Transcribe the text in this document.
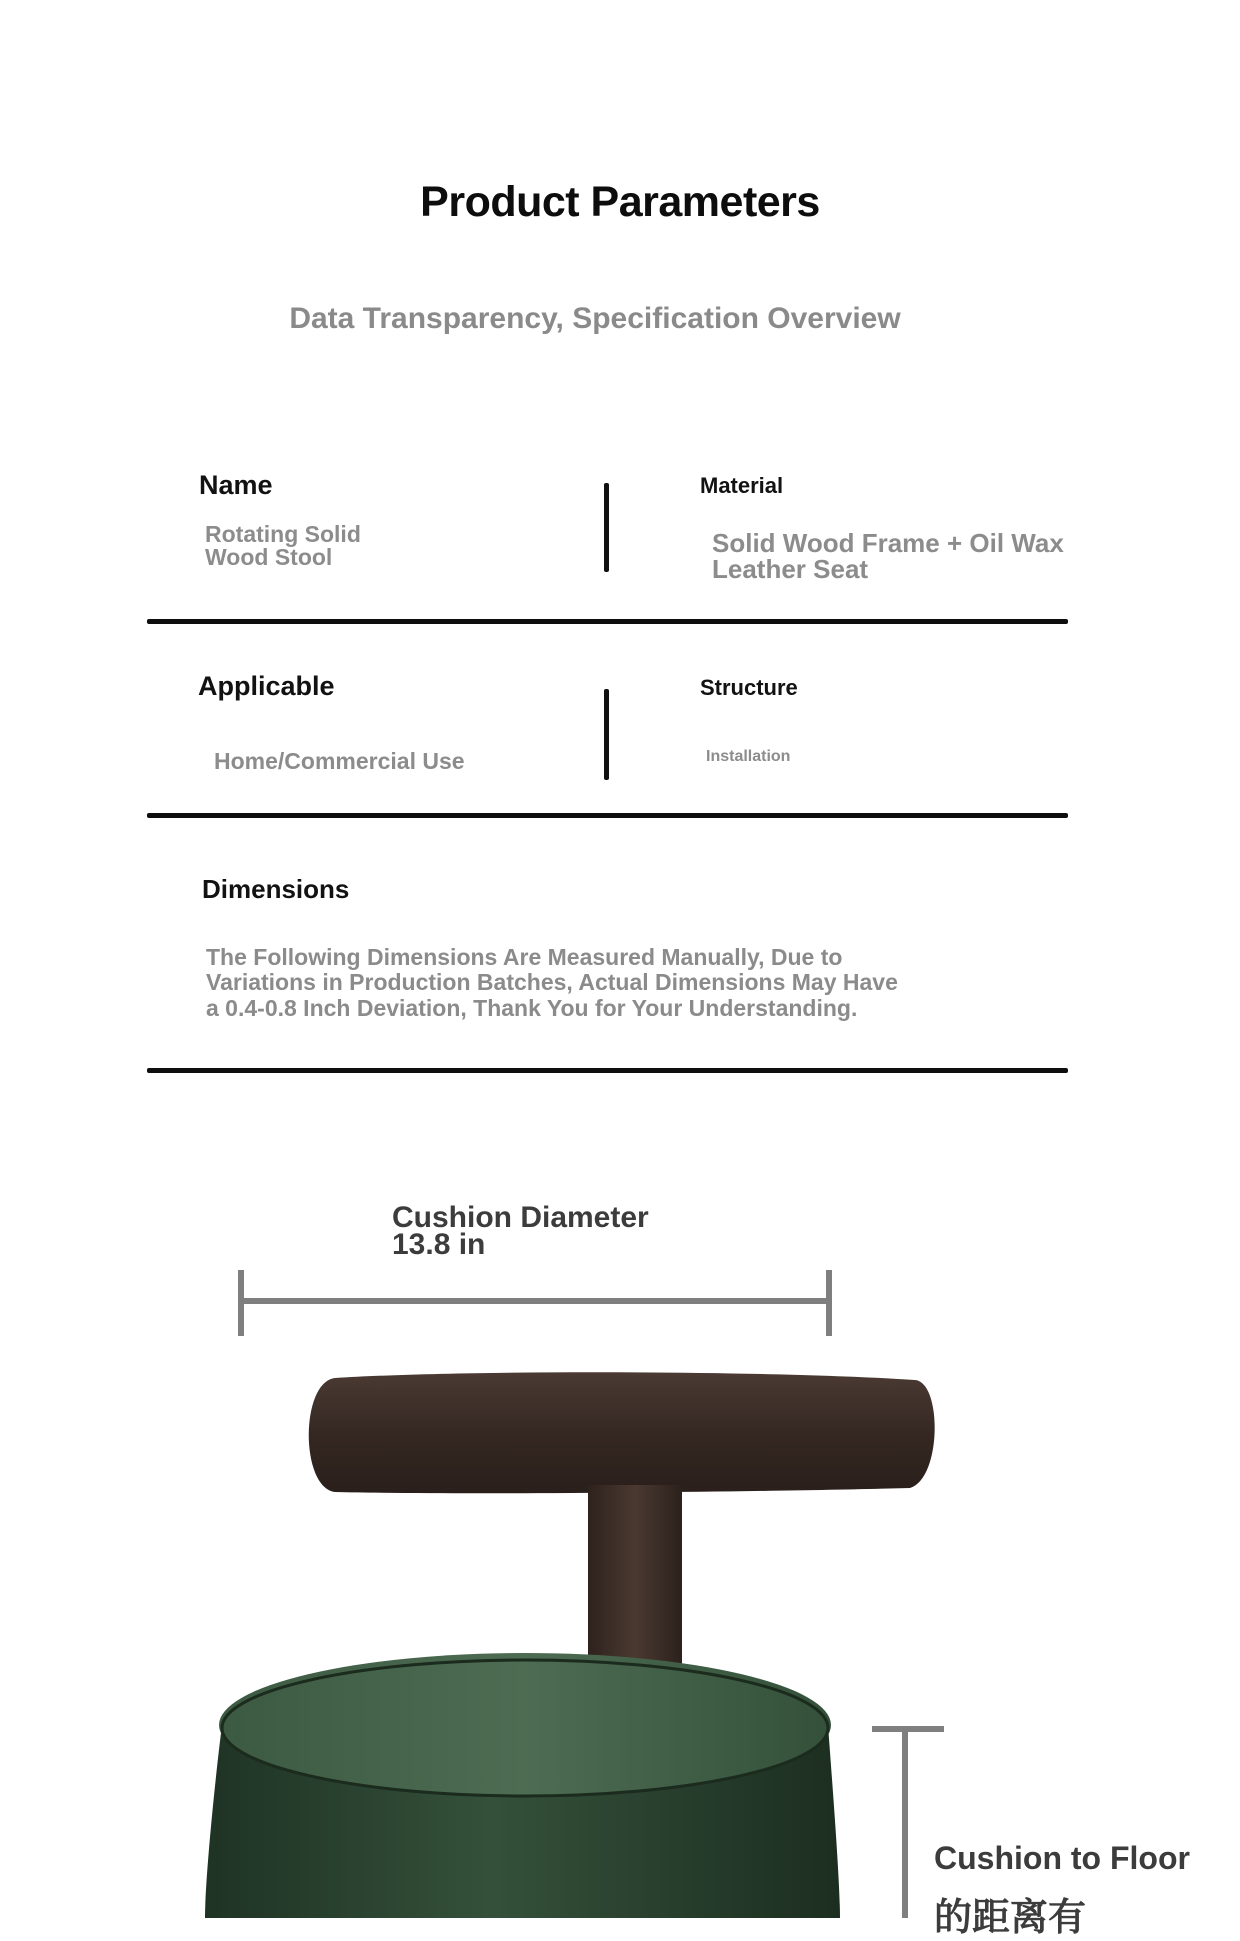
Product Parameters
Data Transparency, Specification Overview
Name
Rotating Solid
Wood Stool
Material
Solid Wood Frame + Oil Wax
Leather Seat
Applicable
Home/Commercial Use
Structure
Installation
Dimensions
The Following Dimensions Are Measured Manually, Due to
Variations in Production Batches, Actual Dimensions May Have
a 0.4-0.8 Inch Deviation, Thank You for Your Understanding.
Cushion Diameter
13.8 in
Cushion to Floor
的距离有
